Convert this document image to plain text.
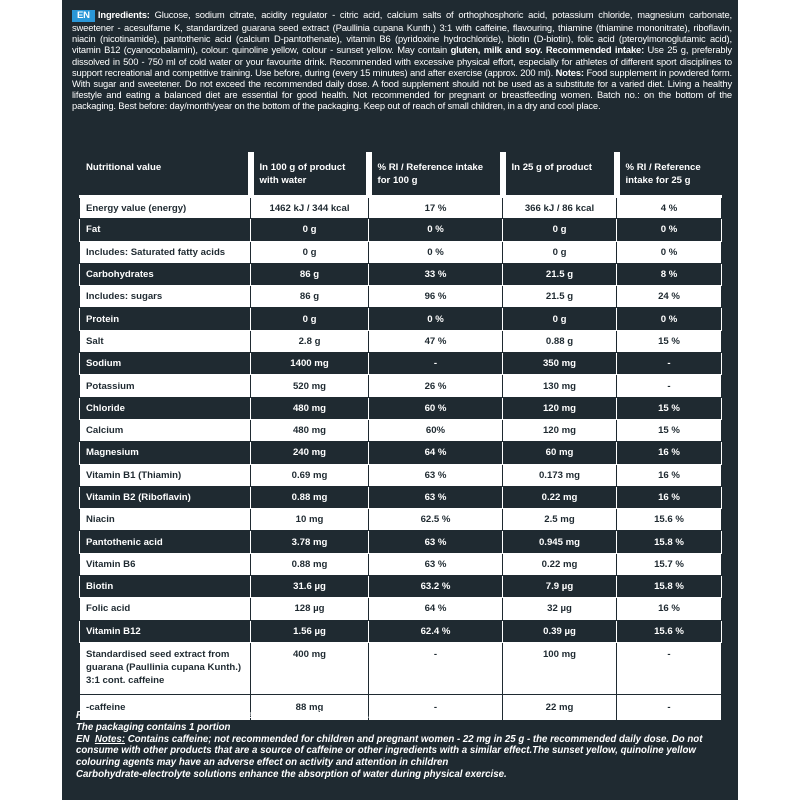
EN Ingredients: Glucose, sodium citrate, acidity regulator - citric acid, calcium salts of orthophosphoric acid, potassium chloride, magnesium carbonate, sweetener - acesulfame K, standardized guarana seed extract (Paullinia cupana Kunth.) 3:1 with caffeine, flavouring, thiamine (thiamine mononitrate), riboflavin, niacin (nicotinamide), pantothenic acid (calcium D-pantothenate), vitamin B6 (pyridoxine hydrochloride), biotin (D-biotin), folic acid (pteroylmonoglutamic acid), vitamin B12 (cyanocobalamin), colour: quinoline yellow, colour - sunset yellow. May contain gluten, milk and soy. Recommended intake: Use 25 g, preferably dissolved in 500 - 750 ml of cold water or your favourite drink. Recommended with excessive physical effort, especially for athletes of different sport disciplines to support recreational and competitive training. Use before, during (every 15 minutes) and after exercise (approx. 200 ml). Notes: Food supplement in powdered form. With sugar and sweetener. Do not exceed the recommended daily dose. A food supplement should not be used as a substitute for a varied diet. Living a healthy lifestyle and eating a balanced diet are essential for good health. Not recommended for pregnant or breastfeeding women. Batch no.: on the bottom of the packaging. Best before: day/month/year on the bottom of the packaging. Keep out of reach of small children, in a dry and cool place.
Nutritional value	In 100 g of product with water	% RI / Reference intake for 100 g	In 25 g of product	% RI / Reference intake for 25 g
Energy value (energy)	1462 kJ / 344 kcal	17 %	366 kJ / 86 kcal	4 %
Fat	0 g	0 %	0 g	0 %
Includes: Saturated fatty acids	0 g	0 %	0 g	0 %
Carbohydrates	86 g	33 %	21.5 g	8 %
Includes: sugars	86 g	96 %	21.5 g	24 %
Protein	0 g	0 %	0 g	0 %
Salt	2.8 g	47 %	0.88 g	15 %
Sodium	1400 mg	-	350 mg	-
Potassium	520 mg	26 %	130 mg	-
Chloride	480 mg	60 %	120 mg	15 %
Calcium	480 mg	60%	120 mg	15 %
Magnesium	240 mg	64 %	60 mg	16 %
Vitamin B1 (Thiamin)	0.69 mg	63 %	0.173 mg	16 %
Vitamin B2 (Riboflavin)	0.88 mg	63 %	0.22 mg	16 %
Niacin	10 mg	62.5 %	2.5 mg	15.6 %
Pantothenic acid	3.78 mg	63 %	0.945 mg	15.8 %
Vitamin B6	0.88 mg	63 %	0.22 mg	15.7 %
Biotin	31.6 µg	63.2 %	7.9 µg	15.8 %
Folic acid	128 µg	64 %	32 µg	16 %
Vitamin B12	1.56 µg	62.4 %	0.39 µg	15.6 %
Standardised seed extract from guarana (Paullinia cupana Kunth.) 3:1 cont. caffeine	400 mg	-	100 mg	-
-caffeine	88 mg	-	22 mg	-
Reference intake value for the average adult (8 400 kJ/2 000 kcal)
The packaging contains 1 portion
EN Notes: Contains caffeine; not recommended for children and pregnant women - 22 mg in 25 g - the recommended daily dose. Do not consume with other products that are a source of caffeine or other ingredients with a similar effect.The sunset yellow, quinoline yellow colouring agents may have an adverse effect on activity and attention in children
Carbohydrate-electrolyte solutions enhance the absorption of water during physical exercise.
